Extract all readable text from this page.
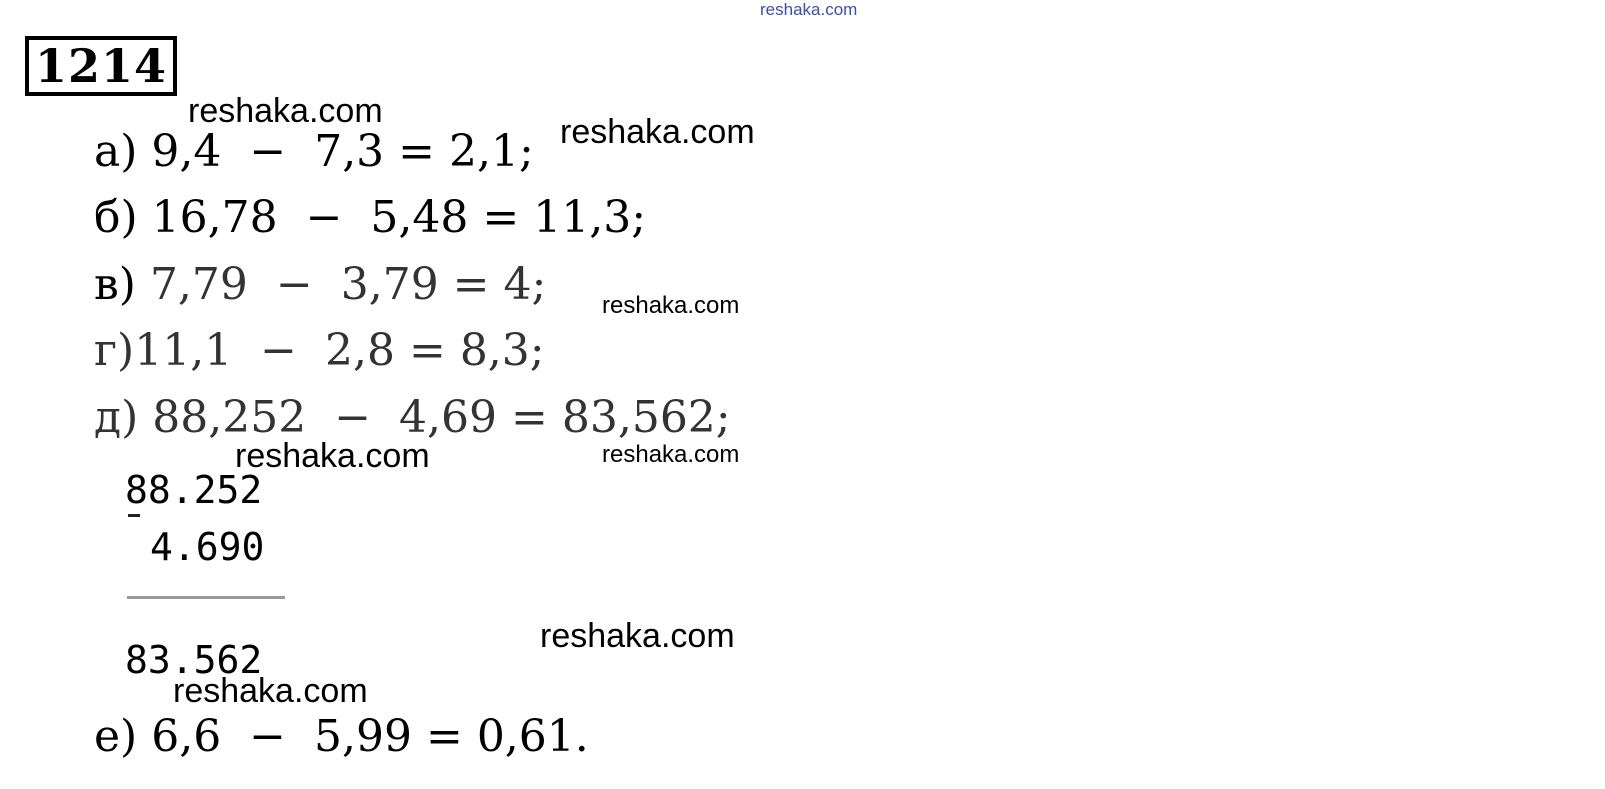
reshaka.com
1214
а) 9,4  −  7,3 = 2,1;
б) 16,78  −  5,48 = 11,3;
в) 7,79  −  3,79 = 4;
г)11,1  −  2,8 = 8,3;
д) 88,252  −  4,69 = 83,562;
88.252
4.690
83.562
е) 6,6  −  5,99 = 0,61.
reshaka.com
reshaka.com
reshaka.com
reshaka.com	reshaka.com
reshaka.com
reshaka.com
